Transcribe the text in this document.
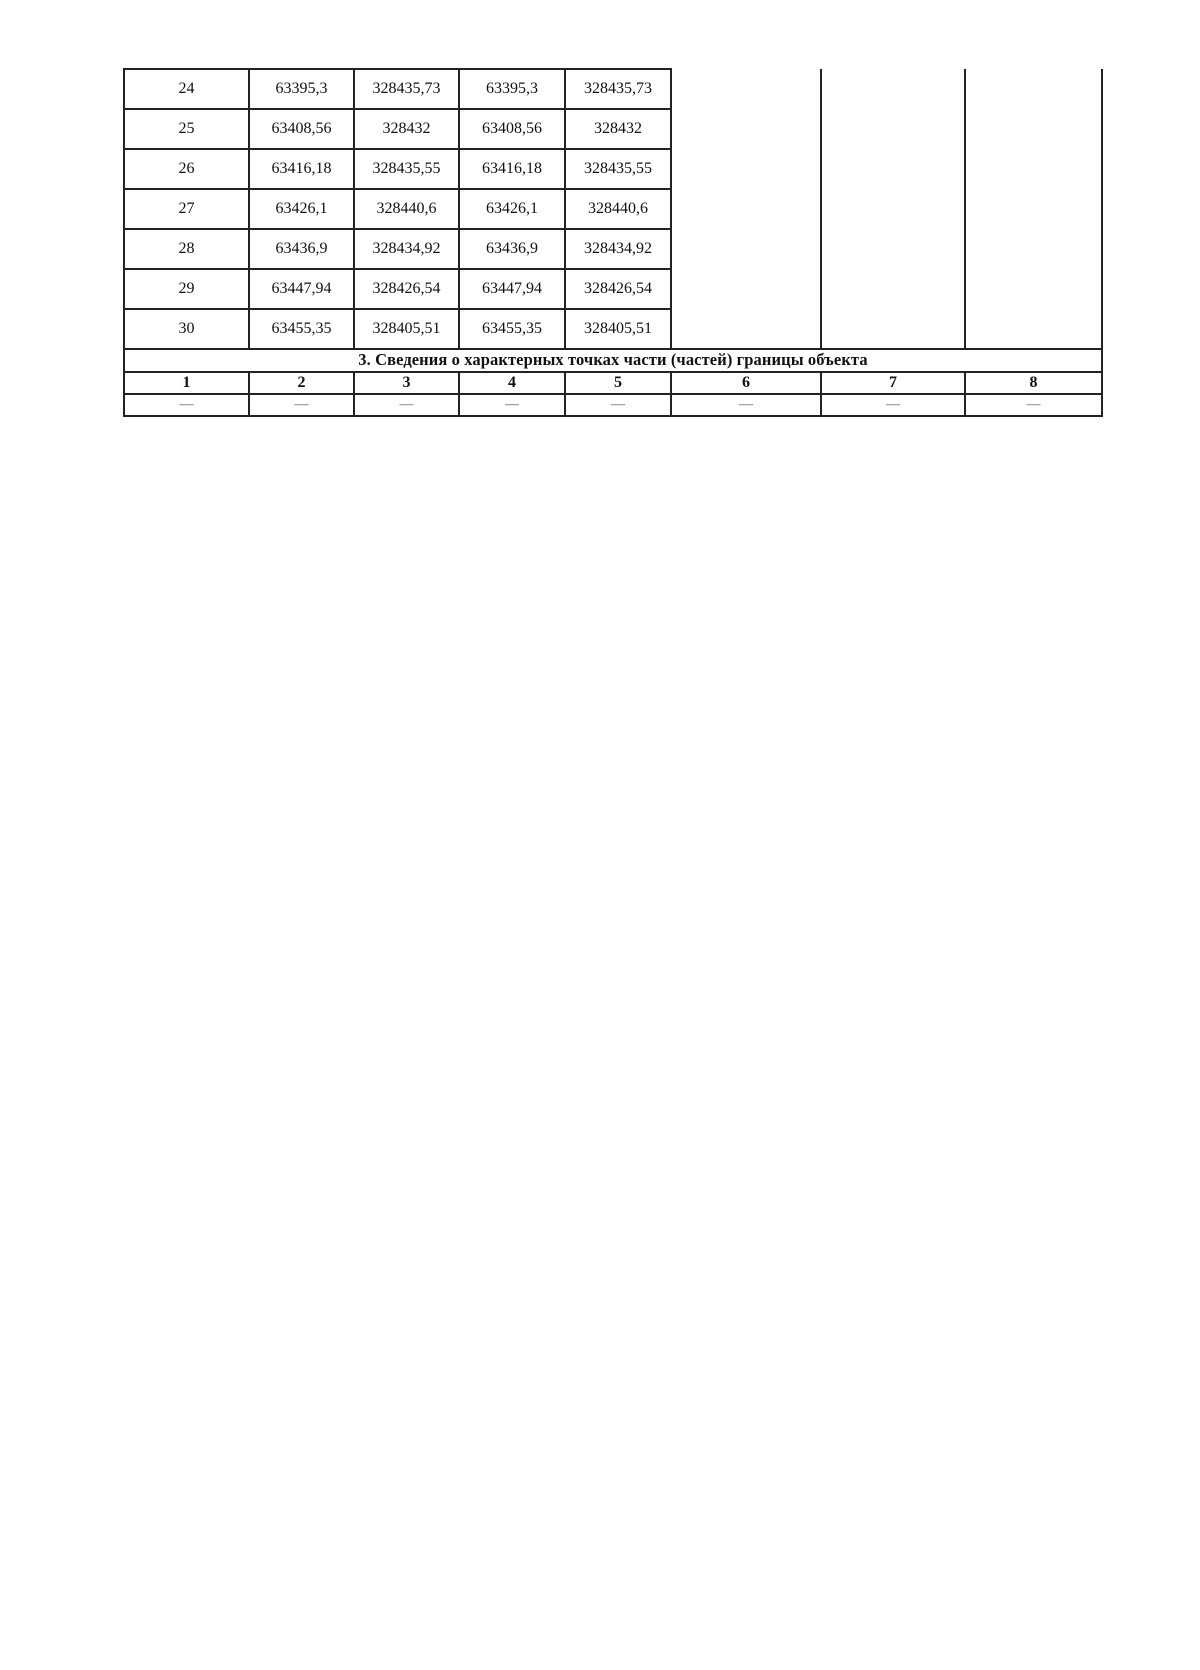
24	63395,3	328435,73	63395,3	328435,73			
25	63408,56	328432	63408,56	328432			
26	63416,18	328435,55	63416,18	328435,55			
27	63426,1	328440,6	63426,1	328440,6			
28	63436,9	328434,92	63436,9	328434,92			
29	63447,94	328426,54	63447,94	328426,54			
30	63455,35	328405,51	63455,35	328405,51			
3. Сведения о характерных точках части (частей) границы объекта							
1	2	3	4	5	6	7	8
—	—	—	—	—	—	—	—
